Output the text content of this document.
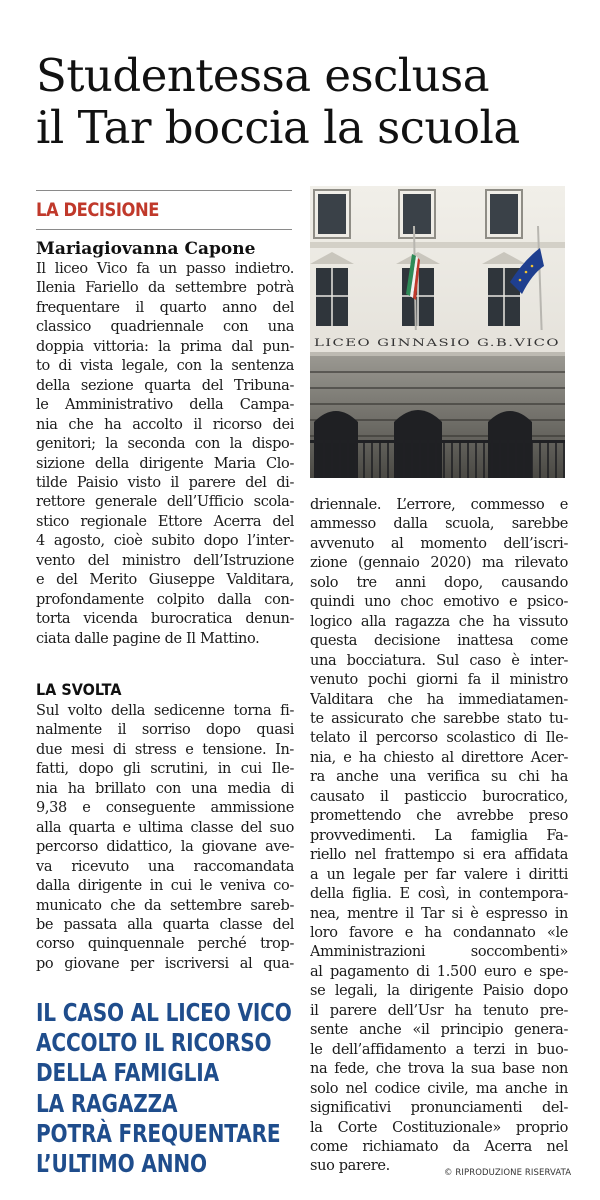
Studentessa esclusa
il Tar boccia la scuola
LA DECISIONE
Mariagiovanna Capone
LICEO GINNASIO G.B.VICO

Il liceo Vico fa un passo indietro.
Ilenia Fariello da settembre potrà
frequentare il quarto anno del
classico quadriennale con una
doppia vittoria: la prima dal pun-
to di vista legale, con la sentenza
della sezione quarta del Tribuna-
le Amministrativo della Campa-
nia che ha accolto il ricorso dei
genitori; la seconda con la dispo-
sizione della dirigente Maria Clo-
tilde Paisio visto il parere del di-
rettore generale dell’Ufficio scola-
stico regionale Ettore Acerra del
4 agosto, cioè subito dopo l’inter-
vento del ministro dell’Istruzione
e del Merito Giuseppe Valditara,
profondamente colpito dalla con-
torta vicenda burocratica denun-
ciata dalle pagine de Il Mattino.

LA SVOLTA

Sul volto della sedicenne torna fi-
nalmente il sorriso dopo quasi
due mesi di stress e tensione. In-
fatti, dopo gli scrutini, in cui Ile-
nia ha brillato con una media di
9,38 e conseguente ammissione
alla quarta e ultima classe del suo
percorso didattico, la giovane ave-
va ricevuto una raccomandata
dalla dirigente in cui le veniva co-
municato che da settembre sareb-
be passata alla quarta classe del
corso quinquennale perché trop-
po giovane per iscriversi al qua-

driennale. L’errore, commesso e
ammesso dalla scuola, sarebbe
avvenuto al momento dell’iscri-
zione (gennaio 2020) ma rilevato
solo tre anni dopo, causando
quindi uno choc emotivo e psico-
logico alla ragazza che ha vissuto
questa decisione inattesa come
una bocciatura. Sul caso è inter-
venuto pochi giorni fa il ministro
Valditara che ha immediatamen-
te assicurato che sarebbe stato tu-
telato il percorso scolastico di Ile-
nia, e ha chiesto al direttore Acer-
ra anche una verifica su chi ha
causato il pasticcio burocratico,
promettendo che avrebbe preso
provvedimenti. La famiglia Fa-
riello nel frattempo si era affidata
a un legale per far valere i diritti
della figlia. E così, in contempora-
nea, mentre il Tar si è espresso in
loro favore e ha condannato «le
Amministrazioni soccombenti»
al pagamento di 1.500 euro e spe-
se legali, la dirigente Paisio dopo
il parere dell’Usr ha tenuto pre-
sente anche «il principio genera-
le dell’affidamento a terzi in buo-
na fede, che trova la sua base non
solo nel codice civile, ma anche in
significativi pronunciamenti del-
la Corte Costituzionale» proprio
come richiamato da Acerra nel
suo parere.

IL CASO AL LICEO VICO
ACCOLTO IL RICORSO
DELLA FAMIGLIA
LA RAGAZZA
POTRÀ FREQUENTARE
L’ULTIMO ANNO	© RIPRODUZIONE RISERVATA
